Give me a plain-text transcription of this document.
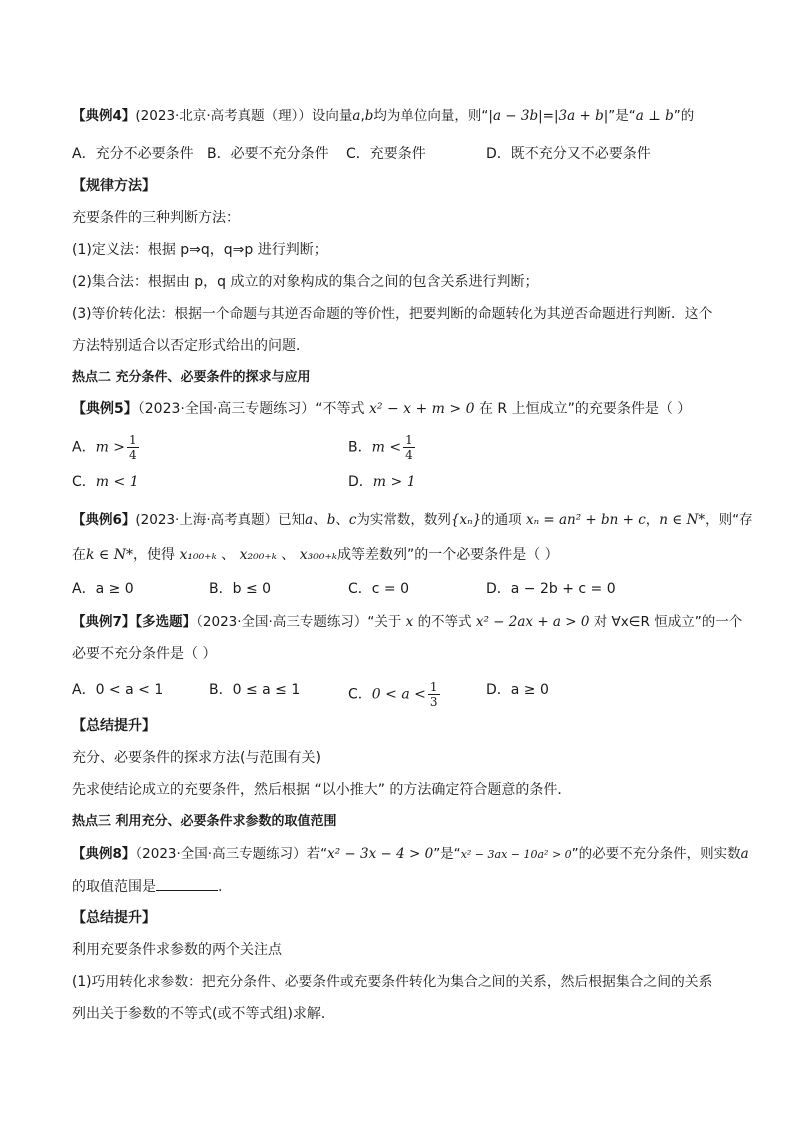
【典例4】(2023·北京·高考真题（理））设向量a,b均为单位向量，则“|a − 3b|=|3a + b|”是“a ⊥ b”的
A．充分不必要条件 B．必要不充分条件 C．充要条件	D．既不充分又不必要条件
【规律方法】
充要条件的三种判断方法：
(1)定义法：根据 p⇒q，q⇒p 进行判断；
(2)集合法：根据由 p，q 成立的对象构成的集合之间的包含关系进行判断；
(3)等价转化法：根据一个命题与其逆否命题的等价性，把要判断的命题转化为其逆否命题进行判断．这个
方法特别适合以否定形式给出的问题．
热点二 充分条件、必要条件的探求与应用
【典例5】（2023·全国·高三专题练习）“不等式 x² − x + m > 0 在 R 上恒成立”的充要条件是（ ）
A．$m > \frac{1}{4}$	B．$m < \frac{1}{4}$
C．m < 1	D．m > 1
【典例6】(2023·上海·高考真题）已知a、b、c为实常数，数列{xₙ}的通项 xₙ = an² + bn + c，n ∈ N*，则“存
在k ∈ N*，使得 x₁₀₀₊ₖ 、 x₂₀₀₊ₖ 、 x₃₀₀₊ₖ成等差数列”的一个必要条件是（ ）
A．a ≥ 0	B．b ≤ 0	C．c = 0	D．a − 2b + c = 0
【典例7】【多选题】（2023·全国·高三专题练习）“关于 x 的不等式 x² − 2ax + a > 0 对 ∀x∈R 恒成立”的一个
必要不充分条件是（ ）
A．0 < a < 1	B．0 ≤ a ≤ 1	C．$0 < a < \frac{1}{3}$	D．a ≥ 0
【总结提升】
充分、必要条件的探求方法(与范围有关)
先求使结论成立的充要条件，然后根据 “以小推大” 的方法确定符合题意的条件．
热点三 利用充分、必要条件求参数的取值范围
【典例8】（2023·全国·高三专题练习）若“x² − 3x − 4 > 0”是“x² − 3ax − 10a² > 0”的必要不充分条件，则实数a
的取值范围是	.
【总结提升】
利用充要条件求参数的两个关注点
(1)巧用转化求参数：把充分条件、必要条件或充要条件转化为集合之间的关系，然后根据集合之间的关系
列出关于参数的不等式(或不等式组)求解．
